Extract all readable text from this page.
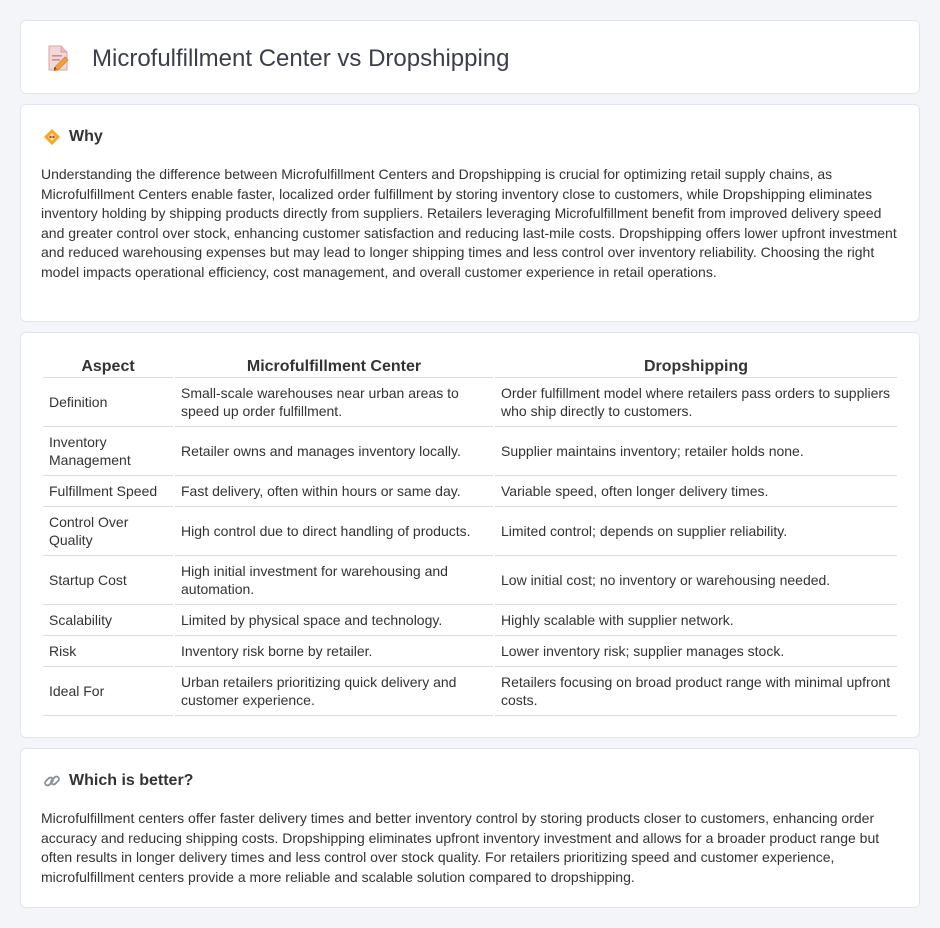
Microfulfillment Center vs Dropshipping
Why

Understanding the difference between Microfulfillment Centers and Dropshipping is crucial for optimizing retail supply chains, as Microfulfillment Centers enable faster, localized order fulfillment by storing inventory close to customers, while Dropshipping eliminates inventory holding by shipping products directly from suppliers. Retailers leveraging Microfulfillment benefit from improved delivery speed and greater control over stock, enhancing customer satisfaction and reducing last-mile costs. Dropshipping offers lower upfront investment and reduced warehousing expenses but may lead to longer shipping times and less control over inventory reliability. Choosing the right model impacts operational efficiency, cost management, and overall customer experience in retail operations.

Aspect	Microfulfillment Center	Dropshipping
Definition	Small-scale warehouses near urban areas to speed up order fulfillment.	Order fulfillment model where retailers pass orders to suppliers who ship directly to customers.
Inventory Management	Retailer owns and manages inventory locally.	Supplier maintains inventory; retailer holds none.
Fulfillment Speed	Fast delivery, often within hours or same day.	Variable speed, often longer delivery times.
Control Over Quality	High control due to direct handling of products.	Limited control; depends on supplier reliability.
Startup Cost	High initial investment for warehousing and automation.	Low initial cost; no inventory or warehousing needed.
Scalability	Limited by physical space and technology.	Highly scalable with supplier network.
Risk	Inventory risk borne by retailer.	Lower inventory risk; supplier manages stock.
Ideal For	Urban retailers prioritizing quick delivery and customer experience.	Retailers focusing on broad product range with minimal upfront costs.
Which is better?

Microfulfillment centers offer faster delivery times and better inventory control by storing products closer to customers, enhancing order accuracy and reducing shipping costs. Dropshipping eliminates upfront inventory investment and allows for a broader product range but often results in longer delivery times and less control over stock quality. For retailers prioritizing speed and customer experience, microfulfillment centers provide a more reliable and scalable solution compared to dropshipping.
